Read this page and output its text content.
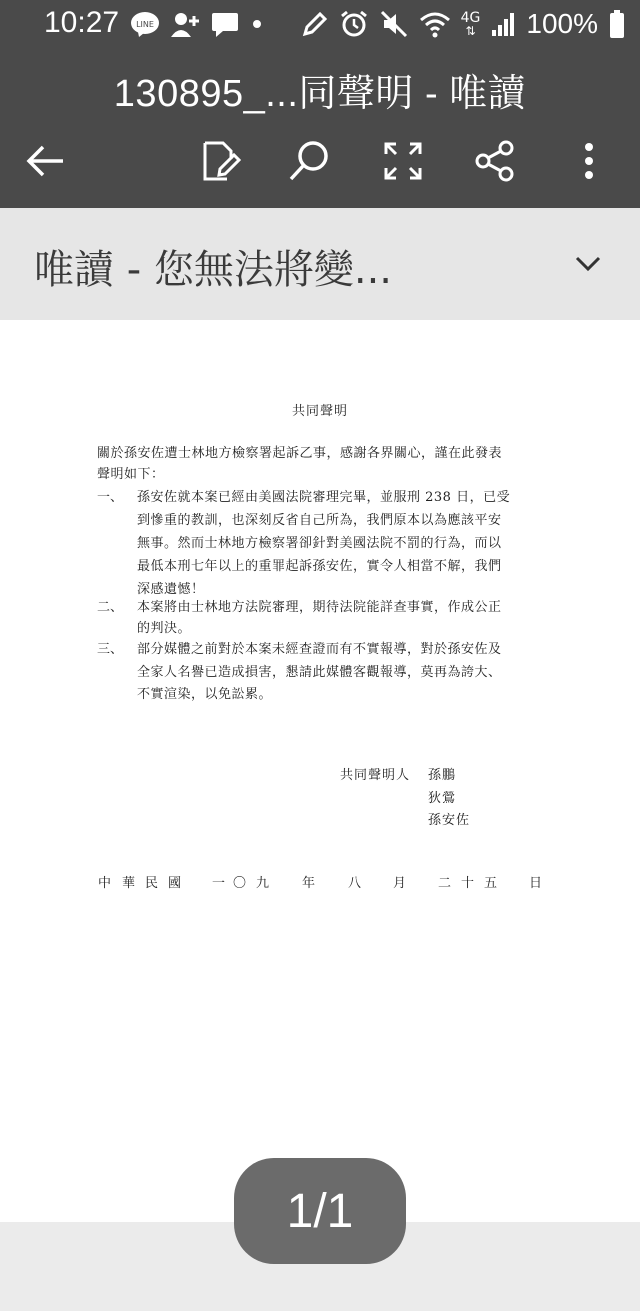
10:27 LINE	4G
⇅ 100%
130895_...同聲明 - 唯讀
唯讀 - 您無法將變...
共同聲明
關於孫安佐遭士林地方檢察署起訴乙事，感謝各界關心，謹在此發表
聲明如下：
一、 孫安佐就本案已經由美國法院審理完畢，並服刑 238 日，已受
到慘重的教訓，也深刻反省自己所為，我們原本以為應該平安
無事。然而士林地方檢察署卻針對美國法院不罰的行為，而以
最低本刑七年以上的重罪起訴孫安佐，實令人相當不解，我們
深感遺憾！
二、 本案將由士林地方法院審理，期待法院能詳查事實，作成公正
的判決。
三、 部分媒體之前對於本案未經查證而有不實報導，對於孫安佐及
全家人名譽已造成損害，懇請此媒體客觀報導，莫再為誇大、
不實渲染，以免訟累。
共同聲明人 孫鵬
狄鶯
孫安佐
中 華 民 國 一 〇 九	年	八 月 二 十 五 日
1/1
